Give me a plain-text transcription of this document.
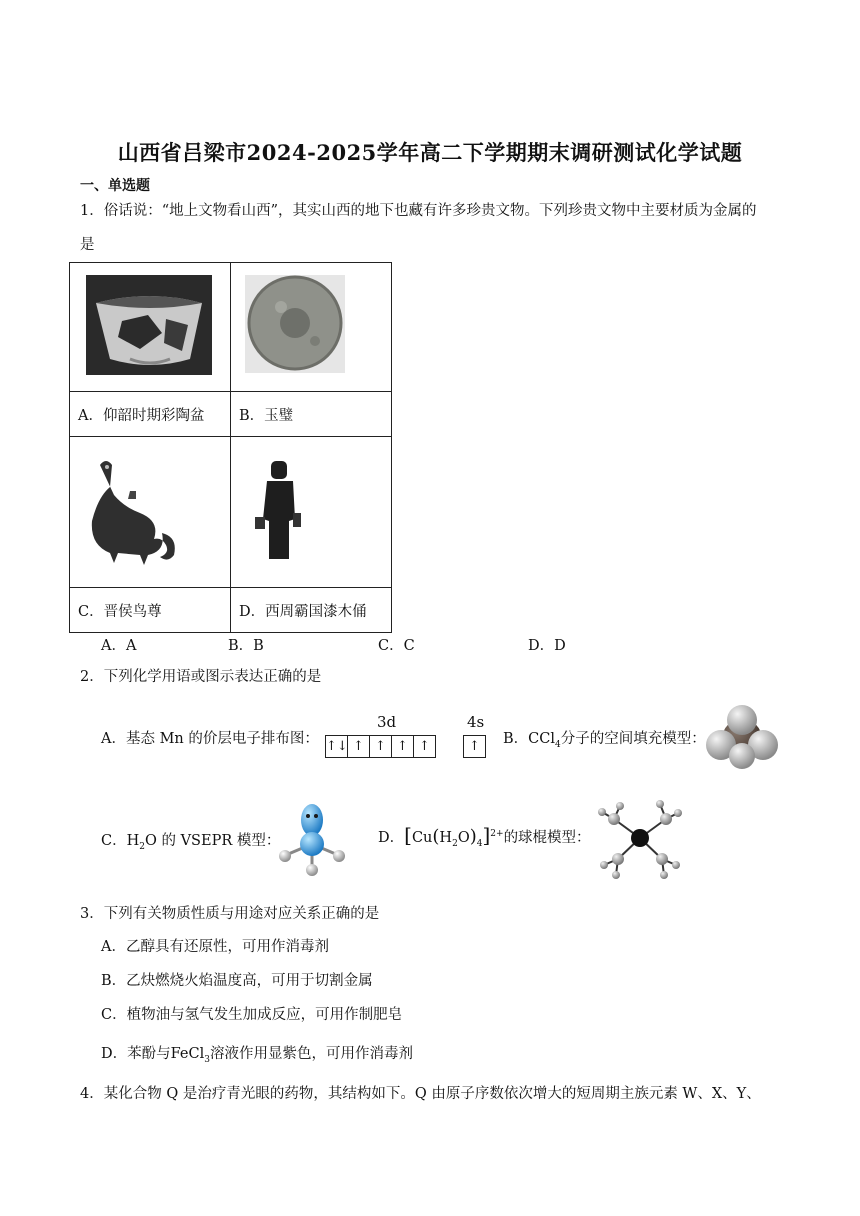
山西省吕梁市2024-2025学年高二下学期期末调研测试化学试题
一、单选题
1．俗话说：“地上文物看山西”，其实山西的地下也藏有许多珍贵文物。下列珍贵文物中主要材质为金属的
是

A．仰韶时期彩陶盆	B．玉璧

C．晋侯鸟尊	D．西周霸国漆木俑
A．A	B．B	C．C	D．D
2．下列化学用语或图示表达正确的是
A．基态 Mn 的价层电子排布图：
3d	4s
↑↓ ↑ ↑ ↑ ↑	↑	B．CCl$_4$分子的空间填充模型：
C．$H_2O$ 的 VSEPR 模型：	D．$[Cu(H_2O)_4]^{2+}$的球棍模型：
3．下列有关物质性质与用途对应关系正确的是
A．乙醇具有还原性，可用作消毒剂
B．乙炔燃烧火焰温度高，可用于切割金属
C．植物油与氢气发生加成反应，可用作制肥皂
D．苯酚与FeCl$_3$溶液作用显紫色，可用作消毒剂
4．某化合物 Q 是治疗青光眼的药物，其结构如下。Q 由原子序数依次增大的短周期主族元素 W、X、Y、
